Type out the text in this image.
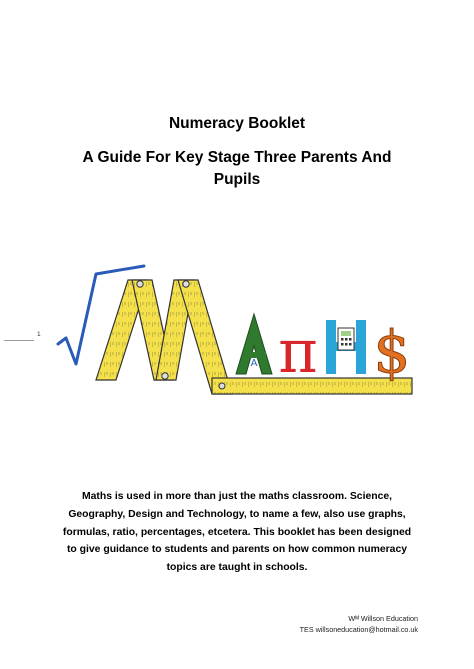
Numeracy Booklet

A Guide For Key Stage Three Parents And Pupils

1
A π $
Maths is used in more than just the maths classroom. Science, Geography, Design and Technology, to name a few, also use graphs, formulas, ratio, percentages, etcetera. This booklet has been designed to give guidance to students and parents on how common numeracy topics are taught in schools.
Wᴹ Willson Education
TES willsoneducation@hotmail.co.uk
